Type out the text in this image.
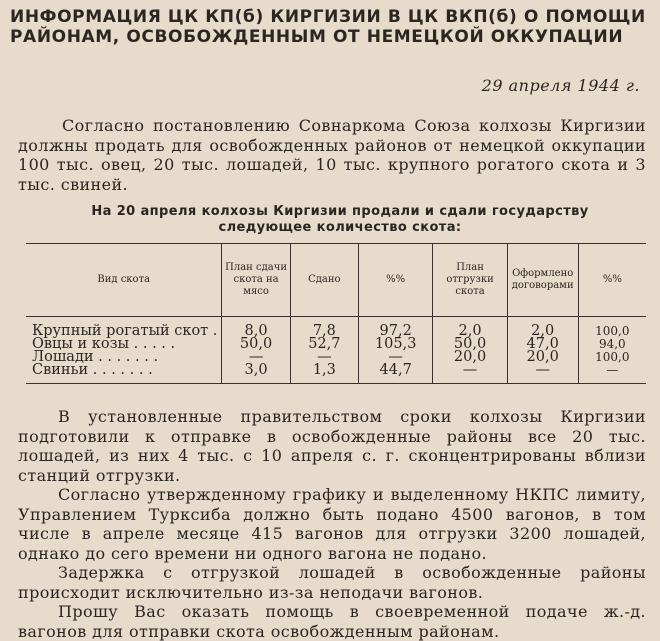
ИНФОРМАЦИЯ ЦК КП(б) КИРГИЗИИ В ЦК ВКП(б) О ПОМОЩИ РАЙОНАМ, ОСВОБОЖДЕННЫМ ОТ НЕМЕЦКОЙ ОККУПАЦИИ
29 апреля 1944 г.
Согласно постановлению Совнаркома Союза колхозы Киргизии должны продать для освобожденных районов от немецкой оккупации 100 тыс. овец, 20 тыс. лошадей, 10 тыс. крупного рогатого скота и 3 тыс. свиней.
На 20 апреля колхозы Киргизии продали и сдали государству следующее количество скота:
Вид скота	План сдачи скота на мясо	Сдано	%%	План отгрузки скота	Оформлено договорами	%%
Крупный рогатый скот .	8,0	7,8	97,2	2,0	2,0	100,0
Овцы и козы . . . . .	50,0	52,7	105,3	50,0	47,0	94,0
Лошади . . . . . . .	—	—	—	20,0	20,0	100,0
Свиньи . . . . . . .	3,0	1,3	44,7	—	—	—

В установленные правительством сроки колхозы Киргизии подготовили к отправке в освобожденные районы все 20 тыс. лошадей, из них 4 тыс. с 10 апреля с. г. сконцентрированы вблизи станций отгрузки.

Согласно утвержденному графику и выделенному НКПС лимиту, Управлением Турксиба должно быть подано 4500 вагонов, в том числе в апреле месяце 415 вагонов для отгрузки 3200 лошадей, однако до сего времени ни одного вагона не подано.

Задержка с отгрузкой лошадей в освобожденные районы происходит исключительно из-за неподачи вагонов.

Прошу Вас оказать помощь в своевременной подаче ж.-д. вагонов для отправки скота освобожденным районам.
